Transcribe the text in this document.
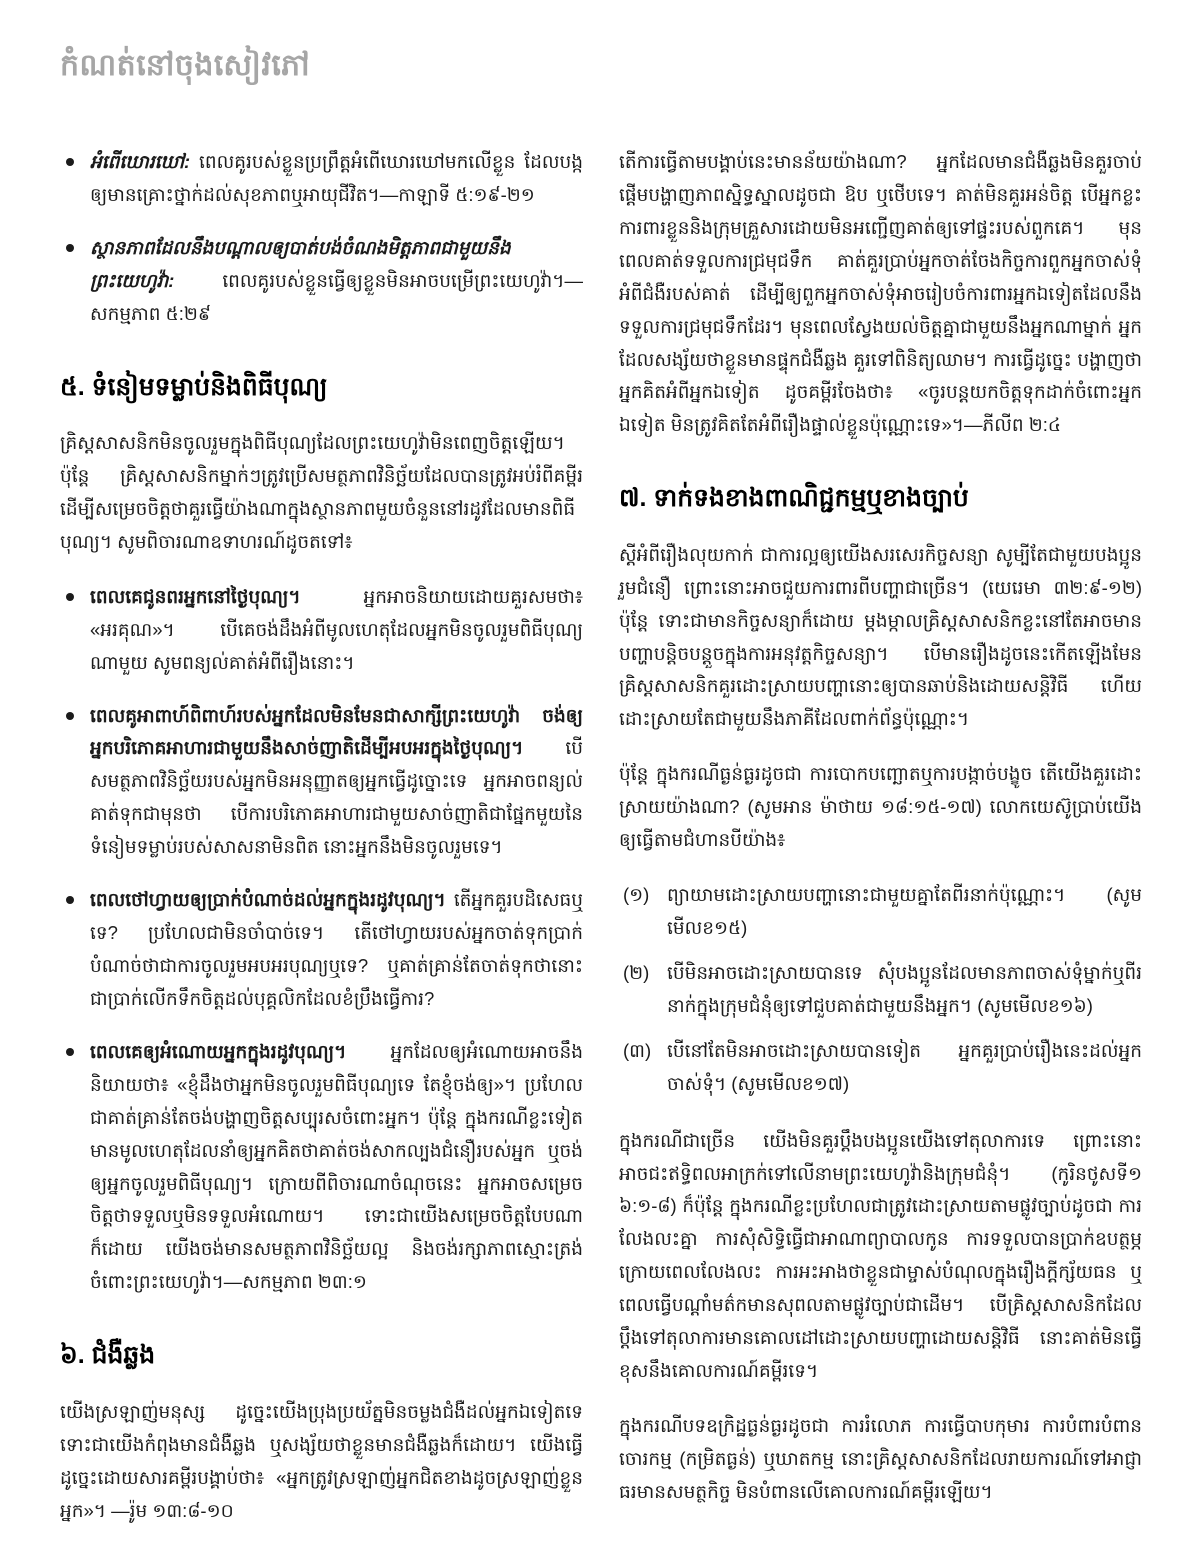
កំណត់នៅចុងសៀវភៅ
អំពើឃោរឃៅ: ពេលគូរបស់ខ្លួនប្រព្រឹត្តអំពើឃោរឃៅមកលើខ្លួន ដែលបង្កឲ្យមានគ្រោះថ្នាក់ដល់សុខភាពឬអាយុជីវិត។—កាឡាទី ៥:១៩-២១
ស្ថានភាពដែលនឹងបណ្ដាលឲ្យបាត់បង់ចំណងមិត្តភាពជាមួយនឹងព្រះយេហូវ៉ា: ពេលគូរបស់ខ្លួនធ្វើឲ្យខ្លួនមិនអាចបម្រើព្រះយេហូវ៉ា។—សកម្មភាព ៥:២៩
៥. ទំនៀមទម្លាប់និងពិធីបុណ្យ

គ្រិស្តសាសនិកមិនចូលរួមក្នុងពិធីបុណ្យដែលព្រះយេហូវ៉ាមិនពេញចិត្តឡើយ។ ប៉ុន្តែ គ្រិស្តសាសនិកម្នាក់ៗត្រូវប្រើសមត្ថភាពវិនិច្ឆ័យដែលបានត្រូវអប់រំពីគម្ពីរ ដើម្បីសម្រេចចិត្តថាគួរធ្វើយ៉ាងណាក្នុងស្ថានភាពមួយចំនួននៅរដូវដែលមានពិធីបុណ្យ។ សូមពិចារណាឧទាហរណ៍ដូចតទៅ៖

ពេលគេជូនពរអ្នកនៅថ្ងៃបុណ្យ។ អ្នកអាចនិយាយដោយគួរសមថា៖ «អរគុណ»។ បើគេចង់ដឹងអំពីមូលហេតុដែលអ្នកមិនចូលរួមពិធីបុណ្យណាមួយ សូមពន្យល់គាត់អំពីរឿងនោះ។
ពេលគូអាពាហ៍ពិពាហ៍របស់អ្នកដែលមិនមែនជាសាក្សីព្រះយេហូវ៉ា ចង់ឲ្យអ្នកបរិភោគអាហារជាមួយនឹងសាច់ញាតិដើម្បីអបអរក្នុងថ្ងៃបុណ្យ។ បើសមត្ថភាពវិនិច្ឆ័យរបស់អ្នកមិនអនុញ្ញាតឲ្យអ្នកធ្វើដូច្នោះទេ អ្នកអាចពន្យល់គាត់ទុកជាមុនថា បើការបរិភោគអាហារជាមួយសាច់ញាតិជាផ្នែកមួយនៃទំនៀមទម្លាប់របស់សាសនាមិនពិត នោះអ្នកនឹងមិនចូលរួមទេ។
ពេលថៅហ្វាយឲ្យប្រាក់បំណាច់ដល់អ្នកក្នុងរដូវបុណ្យ។ តើអ្នកគួរបដិសេធឬទេ? ប្រហែលជាមិនចាំបាច់ទេ។ តើថៅហ្វាយរបស់អ្នកចាត់ទុកប្រាក់បំណាច់ថាជាការចូលរួមអបអរបុណ្យឬទេ? ឬគាត់គ្រាន់តែចាត់ទុកថានោះជាប្រាក់លើកទឹកចិត្តដល់បុគ្គលិកដែលខំប្រឹងធ្វើការ?
ពេលគេឲ្យអំណោយអ្នកក្នុងរដូវបុណ្យ។ អ្នកដែលឲ្យអំណោយអាចនឹងនិយាយថា៖ «ខ្ញុំដឹងថាអ្នកមិនចូលរួមពិធីបុណ្យទេ តែខ្ញុំចង់ឲ្យ»។ ប្រហែលជាគាត់គ្រាន់តែចង់បង្ហាញចិត្តសប្បុរសចំពោះអ្នក។ ប៉ុន្តែ ក្នុងករណីខ្លះទៀតមានមូលហេតុដែលនាំឲ្យអ្នកគិតថាគាត់ចង់សាកល្បងជំនឿរបស់អ្នក ឬចង់ឲ្យអ្នកចូលរួមពិធីបុណ្យ។ ក្រោយពីពិចារណាចំណុចនេះ អ្នកអាចសម្រេចចិត្តថាទទួលឬមិនទទួលអំណោយ។ ទោះជាយើងសម្រេចចិត្តបែបណាក៏ដោយ យើងចង់មានសមត្ថភាពវិនិច្ឆ័យល្អ និងចង់រក្សាភាពស្មោះត្រង់ចំពោះព្រះយេហូវ៉ា។—សកម្មភាព ២៣:១
៦. ជំងឺឆ្លង

យើងស្រឡាញ់មនុស្ស ដូច្នេះយើងប្រុងប្រយ័ត្នមិនចម្លងជំងឺដល់អ្នកឯទៀតទេ ទោះជាយើងកំពុងមានជំងឺឆ្លង ឬសង្ស័យថាខ្លួនមានជំងឺឆ្លងក៏ដោយ។ យើងធ្វើដូច្នេះដោយសារគម្ពីរបង្គាប់ថា៖ «អ្នកត្រូវស្រឡាញ់អ្នកជិតខាងដូចស្រឡាញ់ខ្លួនអ្នក»។ —រ៉ូម ១៣:៨-១០

តើការធ្វើតាមបង្គាប់នេះមានន័យយ៉ាងណា? អ្នកដែលមានជំងឺឆ្លងមិនគួរចាប់ផ្ដើមបង្ហាញភាពស្និទ្ធស្នាលដូចជា ឱប ឬថើបទេ។ គាត់មិនគួរអន់ចិត្ត បើអ្នកខ្លះការពារខ្លួននិងក្រុមគ្រួសារដោយមិនអញ្ជើញគាត់ឲ្យទៅផ្ទះរបស់ពួកគេ។ មុនពេលគាត់ទទួលការជ្រមុជទឹក គាត់គួរប្រាប់អ្នកចាត់ចែងកិច្ចការពួកអ្នកចាស់ទុំអំពីជំងឺរបស់គាត់ ដើម្បីឲ្យពួកអ្នកចាស់ទុំអាចរៀបចំការពារអ្នកឯទៀតដែលនឹងទទួលការជ្រមុជទឹកដែរ។ មុនពេលស្វែងយល់ចិត្តគ្នាជាមួយនឹងអ្នកណាម្នាក់ អ្នកដែលសង្ស័យថាខ្លួនមានផ្ទុកជំងឺឆ្លង គួរទៅពិនិត្យឈាម។ ការធ្វើដូច្នេះ បង្ហាញថាអ្នកគិតអំពីអ្នកឯទៀត ដូចគម្ពីរចែងថា៖ «ចូរបន្តយកចិត្តទុកដាក់ចំពោះអ្នកឯទៀត មិនត្រូវគិតតែអំពីរឿងផ្ទាល់ខ្លួនប៉ុណ្ណោះទេ»។—ភីលីព ២:៤

៧. ទាក់ទងខាងពាណិជ្ជកម្មឬខាងច្បាប់

ស្ដីអំពីរឿងលុយកាក់ ជាការល្អឲ្យយើងសរសេរកិច្ចសន្យា សូម្បីតែជាមួយបងប្អូនរួមជំនឿ ព្រោះនោះអាចជួយការពារពីបញ្ហាជាច្រើន។ (យេរេមា ៣២:៩-១២) ប៉ុន្តែ ទោះជាមានកិច្ចសន្យាក៏ដោយ ម្ដងម្កាលគ្រិស្តសាសនិកខ្លះនៅតែអាចមានបញ្ហាបន្ដិចបន្ដួចក្នុងការអនុវត្តកិច្ចសន្យា។ បើមានរឿងដូចនេះកើតឡើងមែន គ្រិស្តសាសនិកគួរដោះស្រាយបញ្ហានោះឲ្យបានឆាប់និងដោយសន្ដិវិធី ហើយដោះស្រាយតែជាមួយនឹងភាគីដែលពាក់ព័ន្ធប៉ុណ្ណោះ។

ប៉ុន្តែ ក្នុងករណីធ្ងន់ធ្ងរដូចជា ការបោកបញ្ឆោតឬការបង្កាច់បង្ខូច តើយើងគួរដោះស្រាយយ៉ាងណា? (សូមអាន ម៉ាថាយ ១៨:១៥-១៧) លោកយេស៊ូប្រាប់យើងឲ្យធ្វើតាមជំហានបីយ៉ាង៖

(១) ព្យាយាមដោះស្រាយបញ្ហានោះជាមួយគ្នាតែពីរនាក់ប៉ុណ្ណោះ។ (សូមមើលខ១៥)
(២) បើមិនអាចដោះស្រាយបានទេ សុំបងប្អូនដែលមានភាពចាស់ទុំម្នាក់ឬពីរនាក់ក្នុងក្រុមជំនុំឲ្យទៅជួបគាត់ជាមួយនឹងអ្នក។ (សូមមើលខ១៦)
(៣) បើនៅតែមិនអាចដោះស្រាយបានទៀត អ្នកគួរប្រាប់រឿងនេះដល់អ្នកចាស់ទុំ។ (សូមមើលខ១៧)

ក្នុងករណីជាច្រើន យើងមិនគួរប្ដឹងបងប្អូនយើងទៅតុលាការទេ ព្រោះនោះអាចជះឥទ្ធិពលអាក្រក់ទៅលើនាមព្រះយេហូវ៉ានិងក្រុមជំនុំ។ (កូរិនថូសទី១ ៦:១-៨) ក៏ប៉ុន្តែ ក្នុងករណីខ្លះប្រហែលជាត្រូវដោះស្រាយតាមផ្លូវច្បាប់ដូចជា ការលែងលះគ្នា ការសុំសិទ្ធិធ្វើជាអាណាព្យាបាលកូន ការទទួលបានប្រាក់ឧបត្ថម្ភក្រោយពេលលែងលះ ការអះអាងថាខ្លួនជាម្ចាស់បំណុលក្នុងរឿងក្ដីក្ស័យធន ឬពេលធ្វើបណ្ដាំមត៌កមានសុពលតាមផ្លូវច្បាប់ជាដើម។ បើគ្រិស្តសាសនិកដែលប្ដឹងទៅតុលាការមានគោលដៅដោះស្រាយបញ្ហាដោយសន្ដិវិធី នោះគាត់មិនធ្វើខុសនឹងគោលការណ៍គម្ពីរទេ។

ក្នុងករណីបទឧក្រិដ្ឋធ្ងន់ធ្ងរដូចជា ការរំលោភ ការធ្វើបាបកុមារ ការបំពារបំពាន ចោរកម្ម (កម្រិតធ្ងន់) ឬឃាតកម្ម នោះគ្រិស្តសាសនិកដែលរាយការណ៍ទៅអាជ្ញាធរមានសមត្ថកិច្ច មិនបំពានលើគោលការណ៍គម្ពីរឡើយ។
